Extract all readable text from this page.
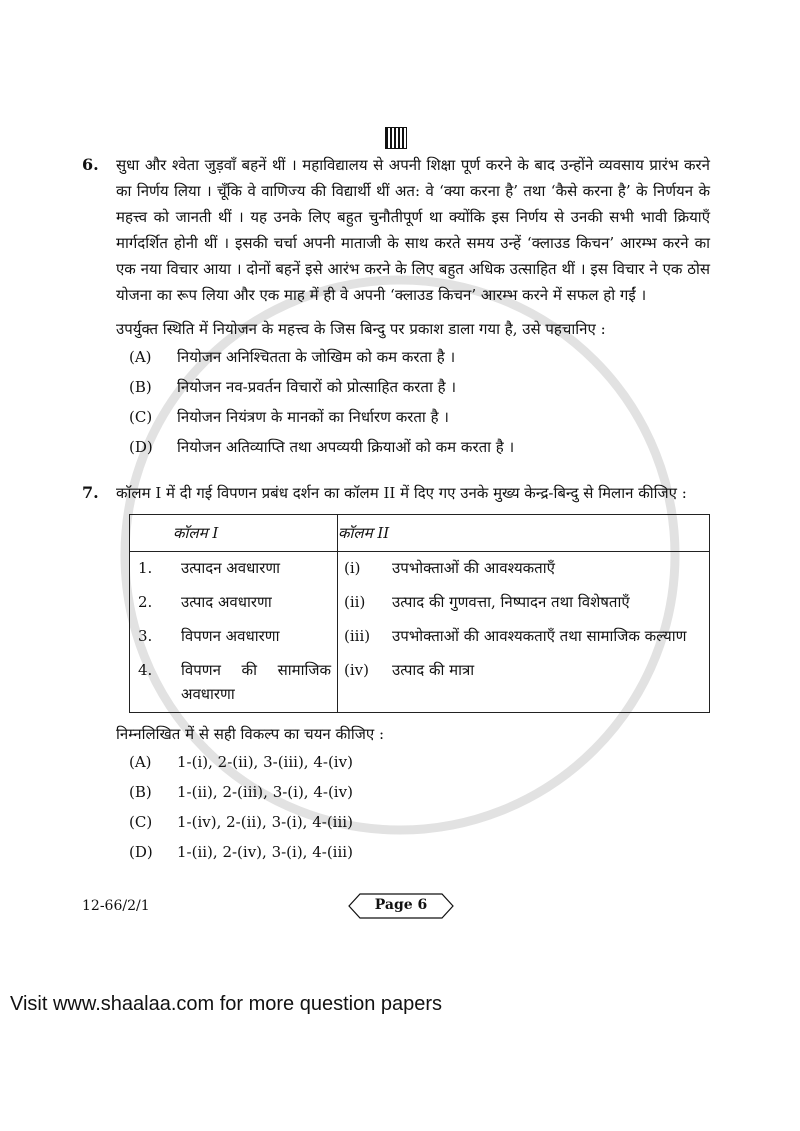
6.	सुधा और श्वेता जुड़वाँ बहनें थीं । महाविद्यालय से अपनी शिक्षा पूर्ण करने के बाद उन्होंने व्यवसाय प्रारंभ करने का निर्णय लिया । चूँकि वे वाणिज्य की विद्यार्थी थीं अत: वे ‘क्या करना है’ तथा ‘कैसे करना है’ के निर्णयन के महत्त्व को जानती थीं । यह उनके लिए बहुत चुनौतीपूर्ण था क्योंकि इस निर्णय से उनकी सभी भावी क्रियाएँ मार्गदर्शित होनी थीं । इसकी चर्चा अपनी माताजी के साथ करते समय उन्हें ‘क्लाउड किचन’ आरम्भ करने का एक नया विचार आया । दोनों बहनें इसे आरंभ करने के लिए बहुत अधिक उत्साहित थीं । इस विचार ने एक ठोस योजना का रूप लिया और एक माह में ही वे अपनी ‘क्लाउड किचन’ आरम्भ करने में सफल हो गईं ।

उपर्युक्त स्थिति में नियोजन के महत्त्व के जिस बिन्दु पर प्रकाश डाला गया है, उसे पहचानिए :
(A)	नियोजन अनिश्चितता के जोखिम को कम करता है ।
(B)	नियोजन नव-प्रवर्तन विचारों को प्रोत्साहित करता है ।
(C)	नियोजन नियंत्रण के मानकों का निर्धारण करता है ।
(D)	नियोजन अतिव्याप्ति तथा अपव्ययी क्रियाओं को कम करता है ।
7.	कॉलम I में दी गई विपणन प्रबंध दर्शन का कॉलम II में दिए गए उनके मुख्य केन्द्र-बिन्दु से मिलान कीजिए :

कॉलम I		कॉलम II	
1.	उत्पादन अवधारणा	(i)	उपभोक्ताओं की आवश्यकताएँ
2.	उत्पाद अवधारणा	(ii)	उत्पाद की गुणवत्ता, निष्पादन तथा विशेषताएँ
3.	विपणन अवधारणा	(iii)	उपभोक्ताओं की आवश्यकताएँ तथा सामाजिक कल्याण
4.	विपणन की सामाजिक अवधारणा	(iv)	उत्पाद की मात्रा
निम्नलिखित में से सही विकल्प का चयन कीजिए :
(A)	1-(i), 2-(ii), 3-(iii), 4-(iv)
(B)	1-(ii), 2-(iii), 3-(i), 4-(iv)
(C)	1-(iv), 2-(ii), 3-(i), 4-(iii)
(D)	1-(ii), 2-(iv), 3-(i), 4-(iii)
12-66/2/1	Page 6
Visit www.shaalaa.com for more question papers
